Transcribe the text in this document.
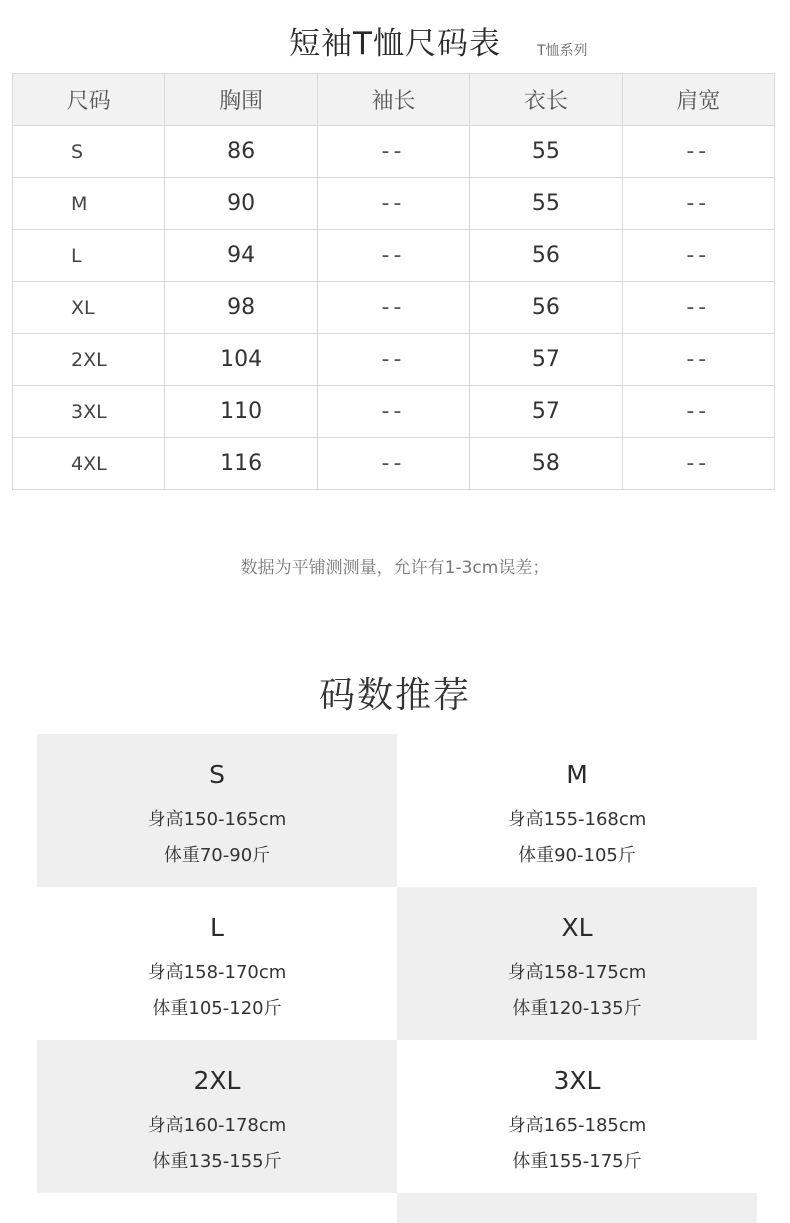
短袖T恤尺码表	T恤系列
尺码	胸围	袖长	衣长	肩宽
S	86	--	55	--
M	90	--	55	--
L	94	--	56	--
XL	98	--	56	--
2XL	104	--	57	--
3XL	110	--	57	--
4XL	116	--	58	--
数据为平铺测测量，允许有1-3cm误差；
码数推荐
S
身高150-165cm
体重70-90斤
M
身高155-168cm
体重90-105斤
L
身高158-170cm
体重105-120斤
XL
身高158-175cm
体重120-135斤
2XL
身高160-178cm
体重135-155斤
3XL
身高165-185cm
体重155-175斤
